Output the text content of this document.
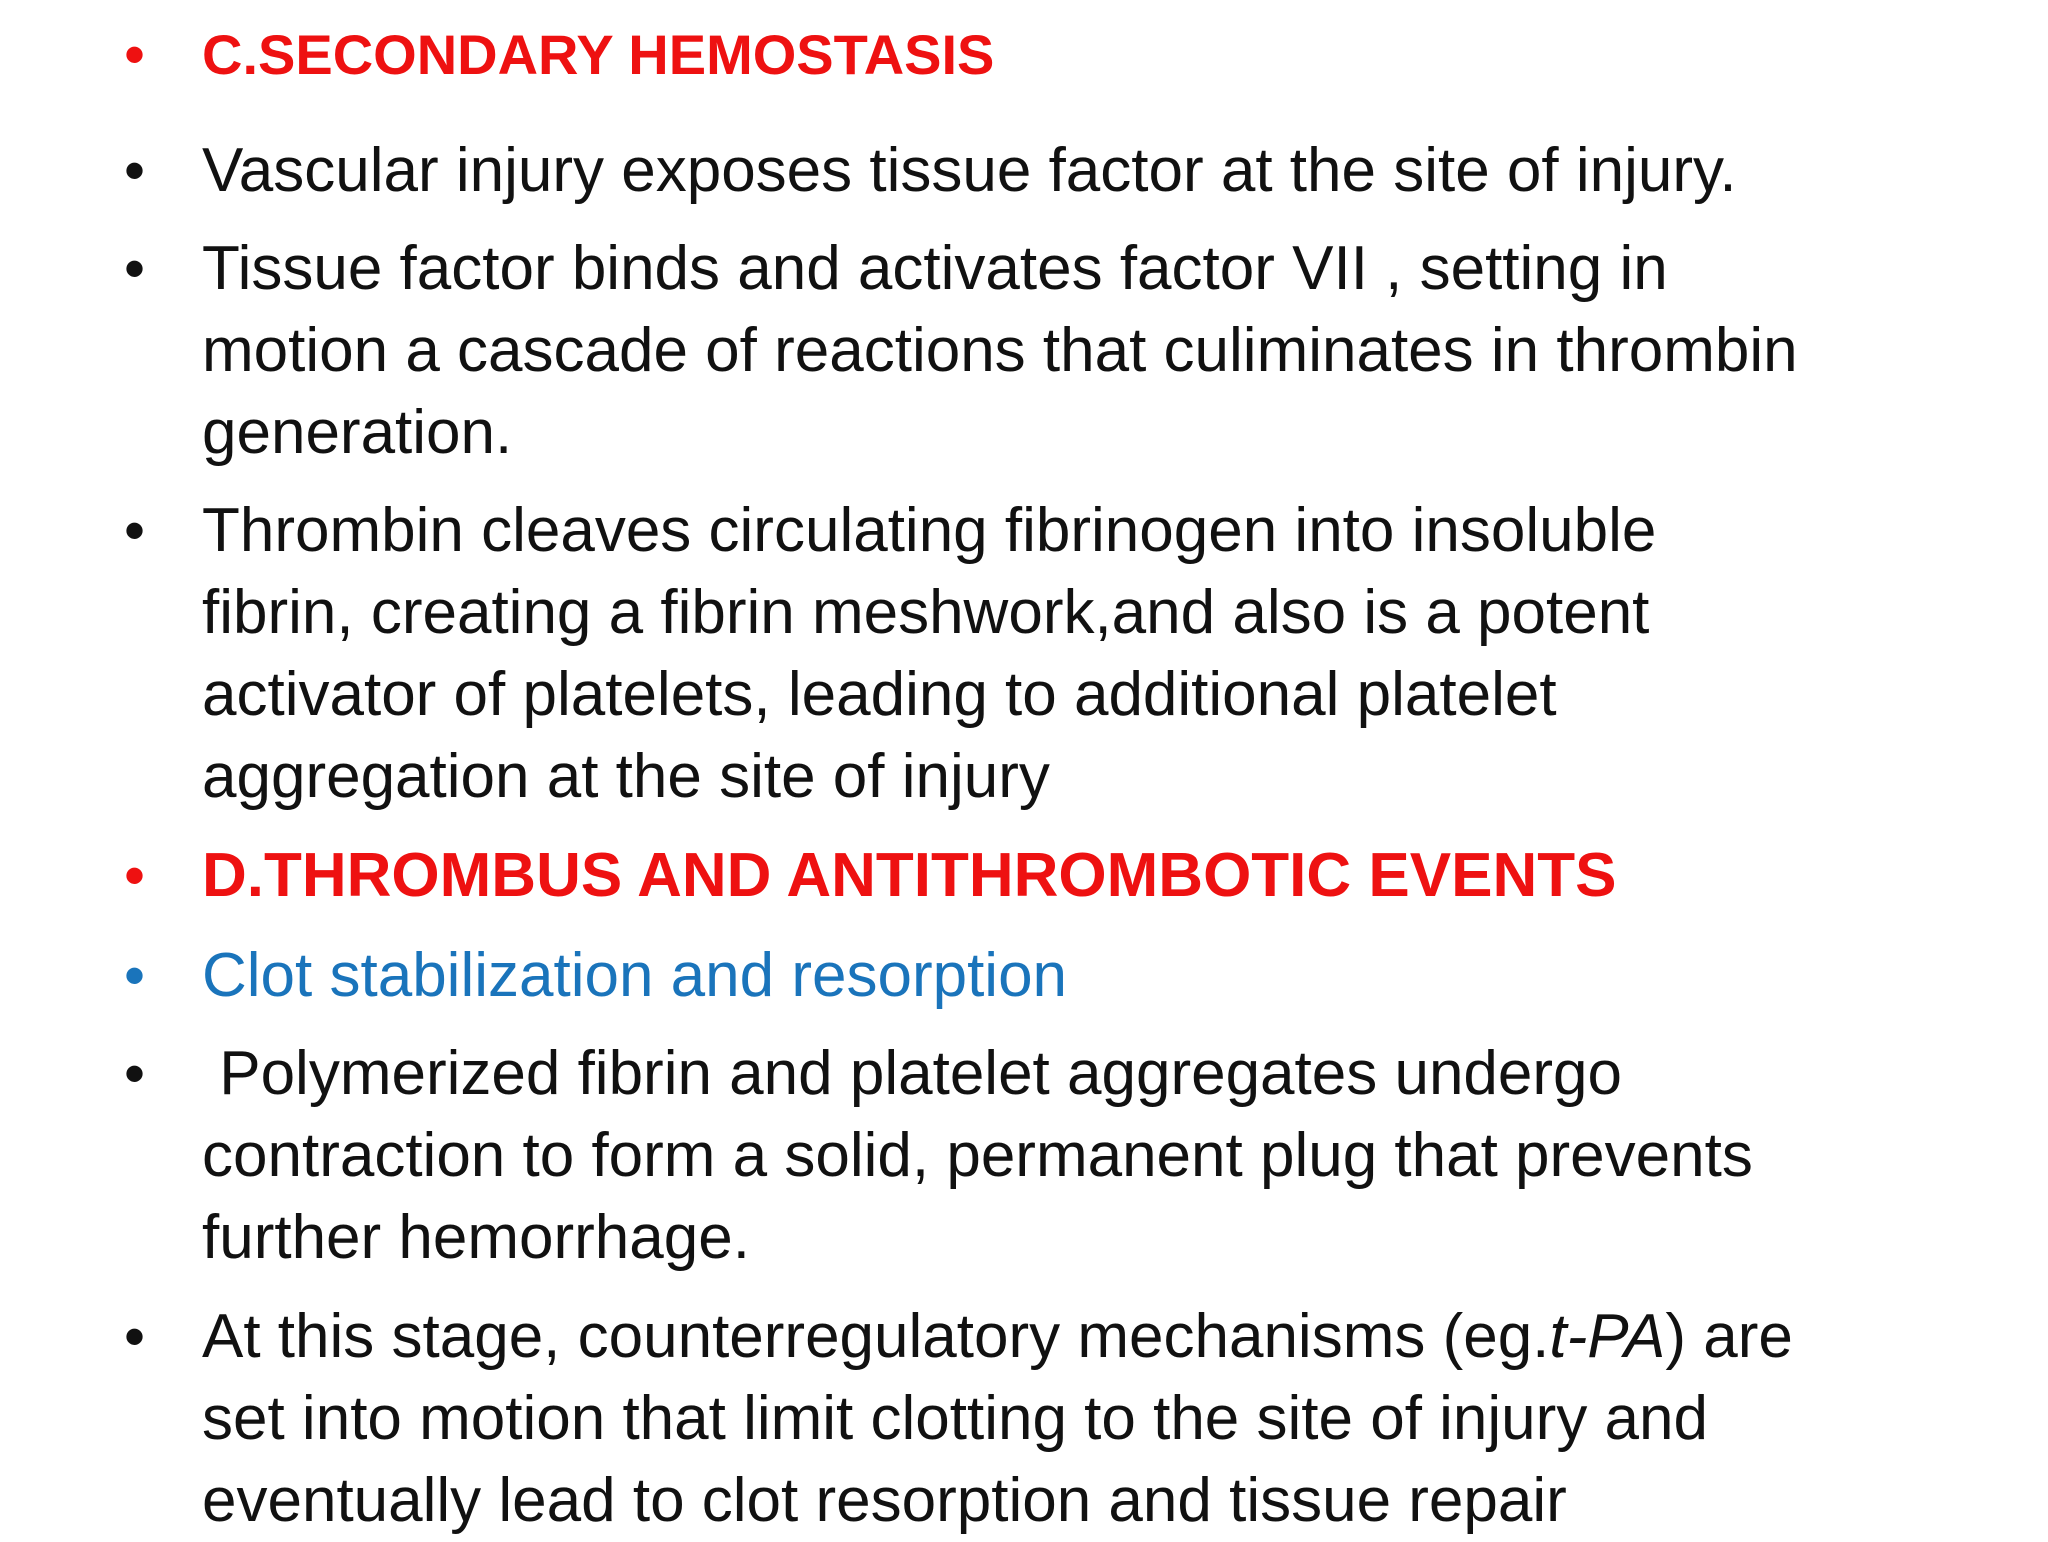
•	C.SECONDARY HEMOSTASIS
• Vascular injury exposes tissue factor at the site of injury.
• Tissue factor binds and activates factor VII , setting in
motion a cascade of reactions that culiminates in thrombin
generation.
• Thrombin cleaves circulating fibrinogen into insoluble
fibrin, creating a fibrin meshwork,and also is a potent
activator of platelets, leading to additional platelet
aggregation at the site of injury
• D.THROMBUS AND ANTITHROMBOTIC EVENTS
• Clot stabilization and resorption
• Polymerized fibrin and platelet aggregates undergo
contraction to form a solid, permanent plug that prevents
further hemorrhage.
• At this stage, counterregulatory mechanisms (eg.t-PA) are
set into motion that limit clotting to the site of injury and
eventually lead to clot resorption and tissue repair
